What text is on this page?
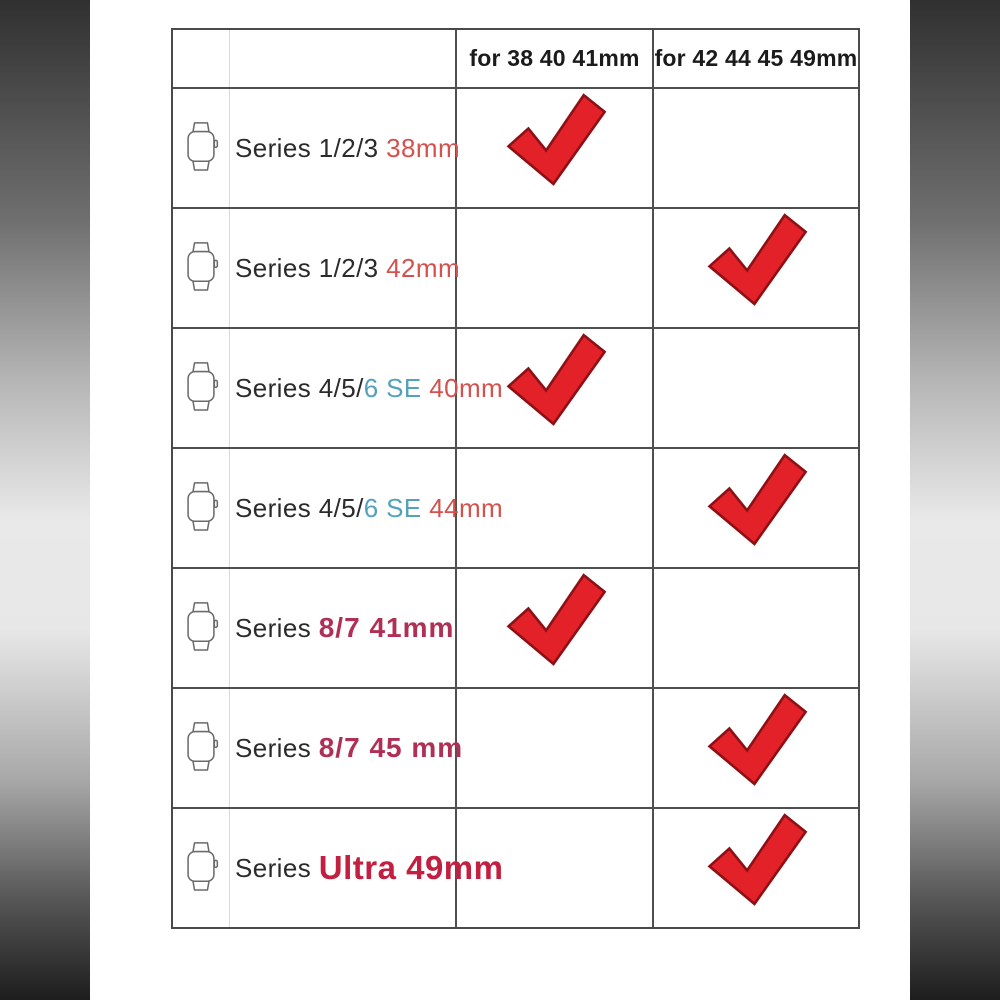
for 38 40 41mm for 42 44 45 49mm
Series 1/2/3 38mm
Series 1/2/3 42mm
Series 4/5/ 6 SE 40mm
Series 4/5/ 6 SE 44mm
Series 8/7 41mm
Series 8/7 45 mm
Series Ultra 49mm
